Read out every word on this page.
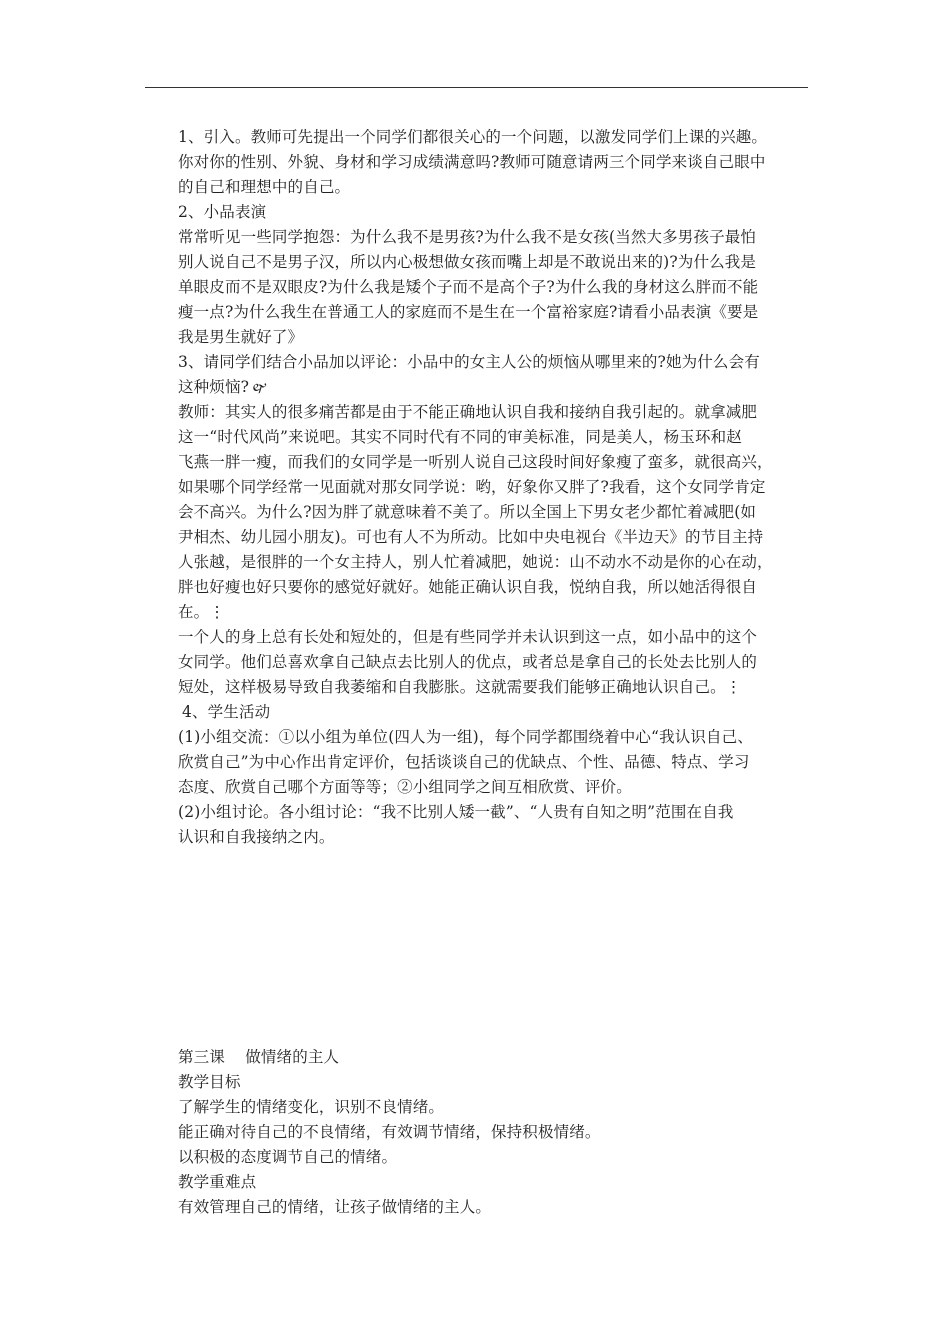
1、引入。教师可先提出一个同学们都很关心的一个问题，以激发同学们上课的兴趣。
你对你的性别、外貌、身材和学习成绩满意吗?教师可随意请两三个同学来谈自己眼中
的自己和理想中的自己。
2、小品表演
常常听见一些同学抱怨：为什么我不是男孩?为什么我不是女孩(当然大多男孩子最怕
别人说自己不是男子汉，所以内心极想做女孩而嘴上却是不敢说出来的)?为什么我是
单眼皮而不是双眼皮?为什么我是矮个子而不是高个子?为什么我的身材这么胖而不能
瘦一点?为什么我生在普通工人的家庭而不是生在一个富裕家庭?请看小品表演《要是
我是男生就好了》
3、请同学们结合小品加以评论：小品中的女主人公的烦恼从哪里来的?她为什么会有
这种烦恼? 🙰
教师：其实人的很多痛苦都是由于不能正确地认识自我和接纳自我引起的。就拿减肥
这一“时代风尚”来说吧。其实不同时代有不同的审美标准，同是美人，杨玉环和赵
飞燕一胖一瘦，而我们的女同学是一听别人说自己这段时间好象瘦了蛮多，就很高兴，
如果哪个同学经常一见面就对那女同学说：哟，好象你又胖了?我看，这个女同学肯定
会不高兴。为什么?因为胖了就意味着不美了。所以全国上下男女老少都忙着减肥(如
尹相杰、幼儿园小朋友)。可也有人不为所动。比如中央电视台《半边天》的节目主持
人张越，是很胖的一个女主持人，别人忙着减肥，她说：山不动水不动是你的心在动，
胖也好瘦也好只要你的感觉好就好。她能正确认识自我，悦纳自我，所以她活得很自
在。⋮
一个人的身上总有长处和短处的，但是有些同学并未认识到这一点，如小品中的这个
女同学。他们总喜欢拿自己缺点去比别人的优点，或者总是拿自己的长处去比别人的
短处，这样极易导致自我萎缩和自我膨胀。这就需要我们能够正确地认识自己。⋮
4、学生活动
(1)小组交流：①以小组为单位(四人为一组)，每个同学都围绕着中心“我认识自己、
欣赏自己”为中心作出肯定评价，包括谈谈自己的优缺点、个性、品德、特点、学习
态度、欣赏自己哪个方面等等；②小组同学之间互相欣赏、评价。
(2)小组讨论。各小组讨论：“我不比别人矮一截”、“人贵有自知之明”范围在自我
认识和自我接纳之内。
第三课    做情绪的主人
教学目标
了解学生的情绪变化，识别不良情绪。
能正确对待自己的不良情绪，有效调节情绪，保持积极情绪。
以积极的态度调节自己的情绪。
教学重难点
有效管理自己的情绪，让孩子做情绪的主人。
